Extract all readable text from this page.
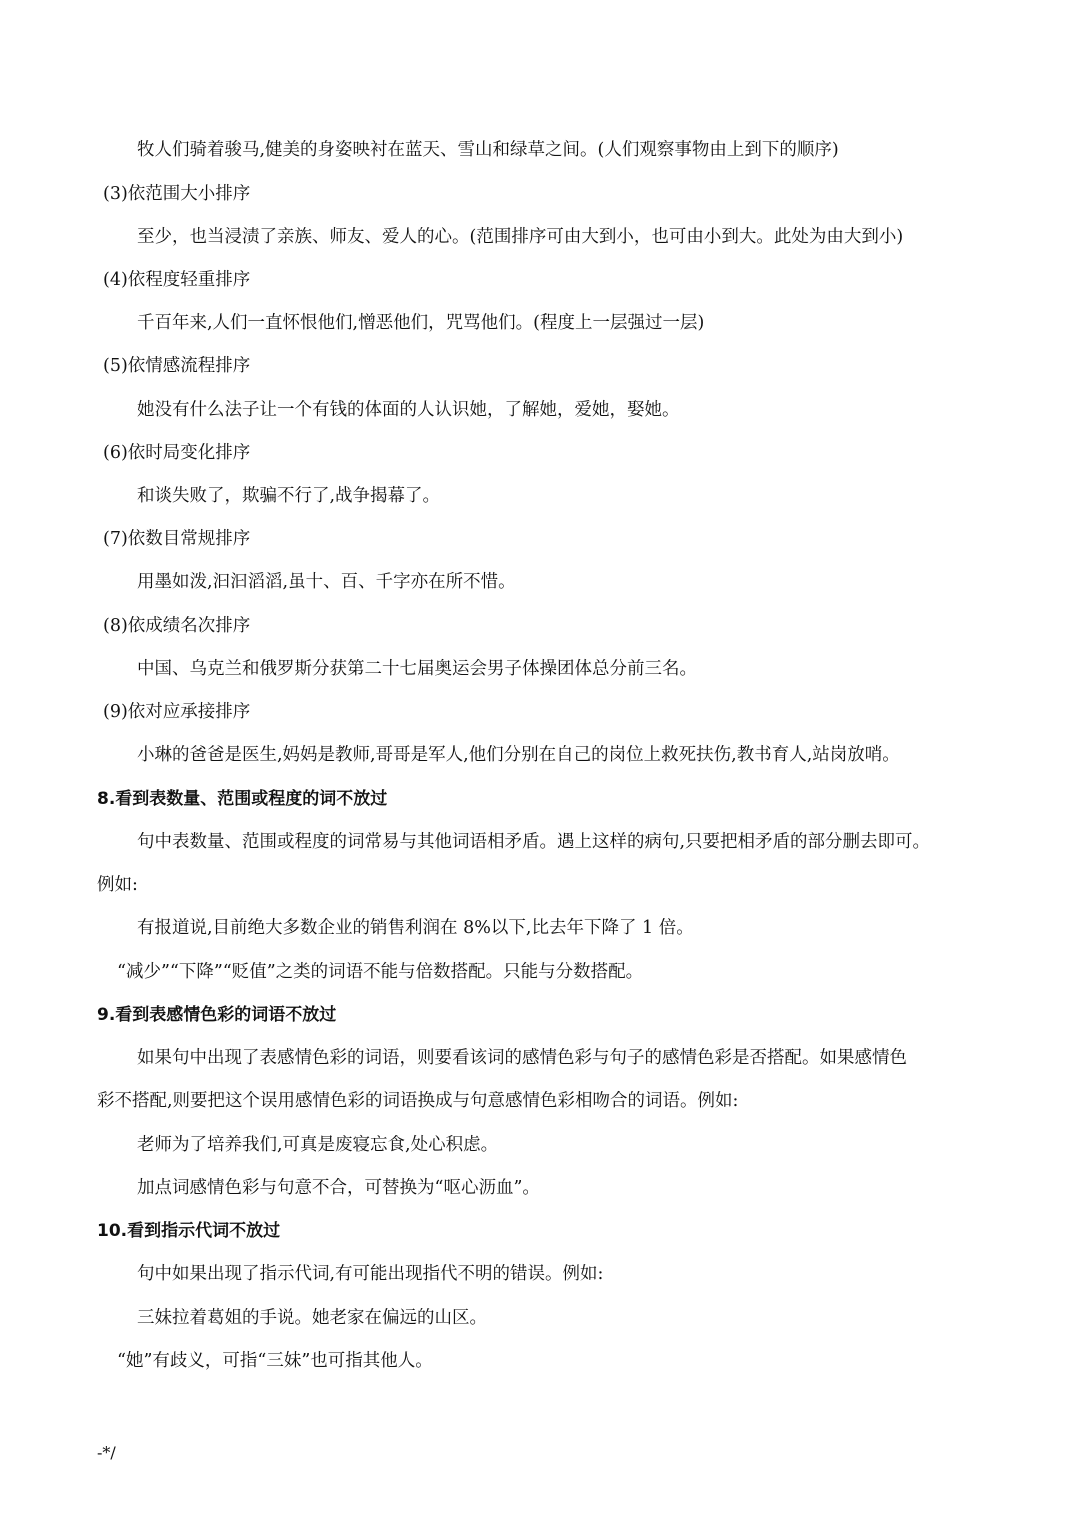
牧人们骑着骏马,健美的身姿映衬在蓝天、雪山和绿草之间。(人们观察事物由上到下的顺序)
(3)依范围大小排序
至少，也当浸渍了亲族、师友、爱人的心。(范围排序可由大到小，也可由小到大。此处为由大到小)
(4)依程度轻重排序
千百年来,人们一直怀恨他们,憎恶他们，咒骂他们。(程度上一层强过一层)
(5)依情感流程排序
她没有什么法子让一个有钱的体面的人认识她，了解她，爱她，娶她。
(6)依时局变化排序
和谈失败了，欺骗不行了,战争揭幕了。
(7)依数目常规排序
用墨如泼,汩汩滔滔,虽十、百、千字亦在所不惜。
(8)依成绩名次排序
中国、乌克兰和俄罗斯分获第二十七届奥运会男子体操团体总分前三名。
(9)依对应承接排序
小琳的爸爸是医生,妈妈是教师,哥哥是军人,他们分别在自己的岗位上救死扶伤,教书育人,站岗放哨。
8.看到表数量、范围或程度的词不放过
句中表数量、范围或程度的词常易与其他词语相矛盾。遇上这样的病句,只要把相矛盾的部分删去即可。
例如:
有报道说,目前绝大多数企业的销售利润在 8%以下,比去年下降了 1 倍。
“减少”“下降”“贬值”之类的词语不能与倍数搭配。只能与分数搭配。
9.看到表感情色彩的词语不放过
如果句中出现了表感情色彩的词语，则要看该词的感情色彩与句子的感情色彩是否搭配。如果感情色
彩不搭配,则要把这个误用感情色彩的词语换成与句意感情色彩相吻合的词语。例如:
老师为了培养我们,可真是废寝忘食,处心积虑。
加点词感情色彩与句意不合，可替换为“呕心沥血”。
10.看到指示代词不放过
句中如果出现了指示代词,有可能出现指代不明的错误。例如:
三妹拉着葛姐的手说。她老家在偏远的山区。
“她”有歧义，可指“三妹”也可指其他人。
-*/
